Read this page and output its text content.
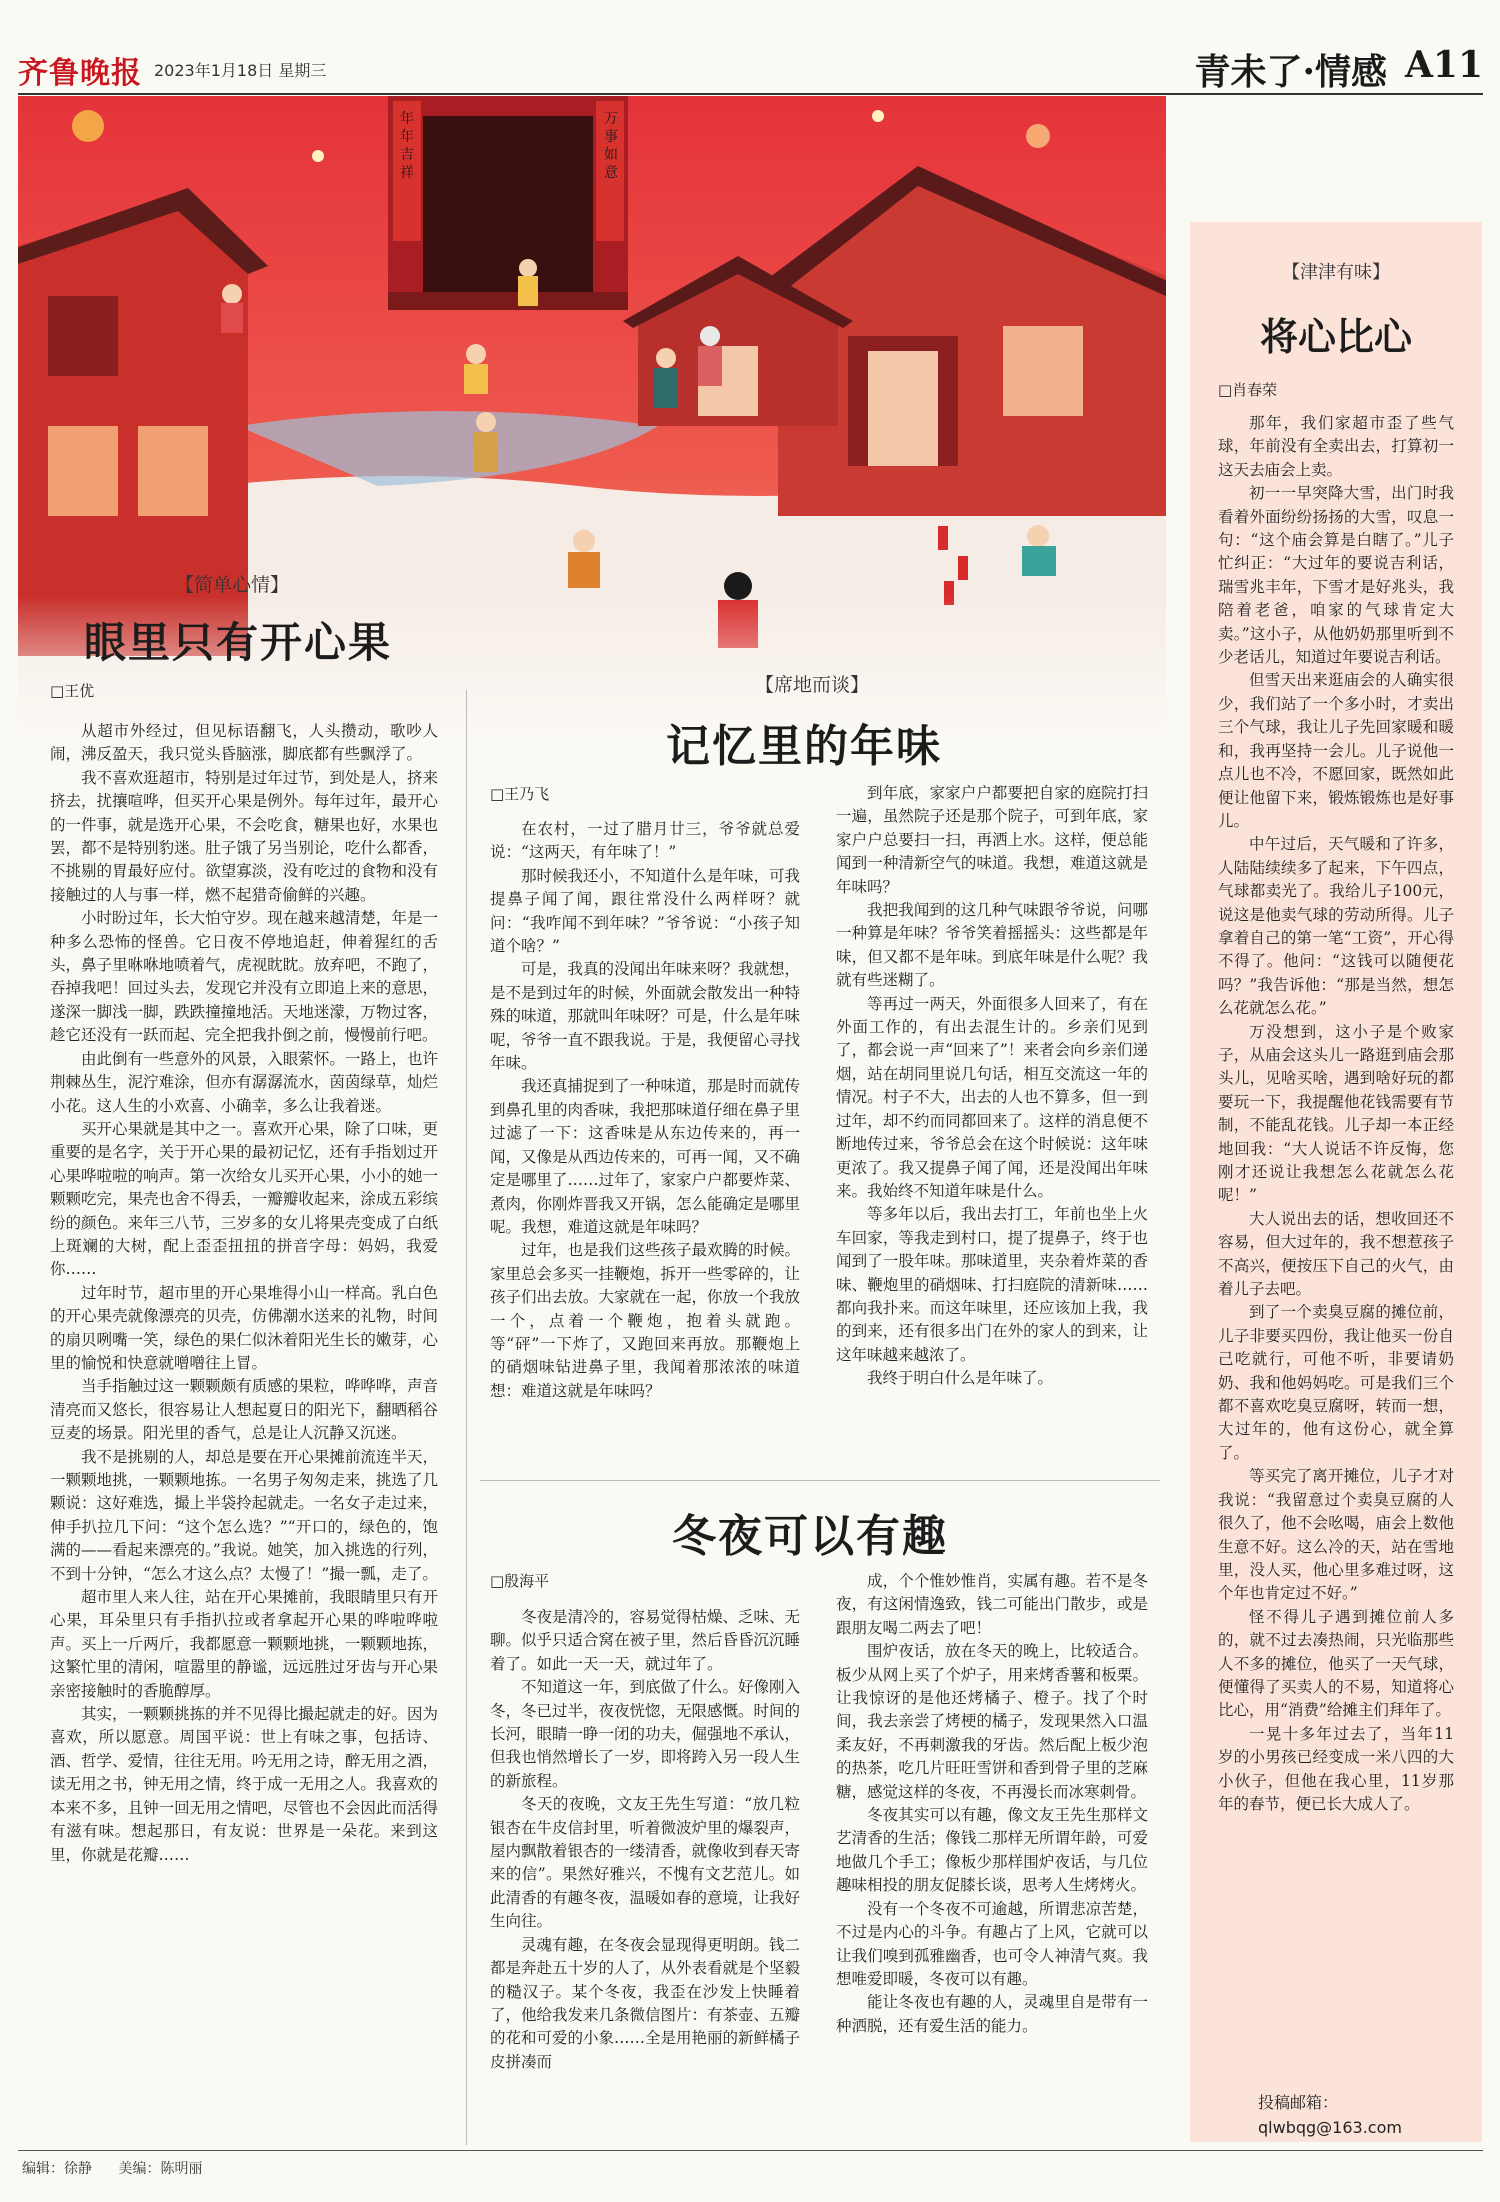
齐鲁晚报 2023年1月18日 星期三	青未了·情感 A11
年年吉祥
万事如意
【津津有味】
将心比心
□肖春荣

那年，我们家超市歪了些气球，年前没有全卖出去，打算初一这天去庙会上卖。

初一一早突降大雪，出门时我看着外面纷纷扬扬的大雪，叹息一句：“这个庙会算是白瞎了。”儿子忙纠正：“大过年的要说吉利话，瑞雪兆丰年，下雪才是好兆头，我陪着老爸，咱家的气球肯定大卖。”这小子，从他奶奶那里听到不少老话儿，知道过年要说吉利话。

但雪天出来逛庙会的人确实很少，我们站了一个多小时，才卖出三个气球，我让儿子先回家暖和暖和，我再坚持一会儿。儿子说他一点儿也不冷，不愿回家，既然如此便让他留下来，锻炼锻炼也是好事儿。

中午过后，天气暖和了许多，人陆陆续续多了起来，下午四点，气球都卖光了。我给儿子100元，说这是他卖气球的劳动所得。儿子拿着自己的第一笔“工资”，开心得不得了。他问：“这钱可以随便花吗？”我告诉他：“那是当然，想怎么花就怎么花。”

万没想到，这小子是个败家子，从庙会这头儿一路逛到庙会那头儿，见啥买啥，遇到啥好玩的都要玩一下，我提醒他花钱需要有节制，不能乱花钱。儿子却一本正经地回我：“大人说话不许反悔，您刚才还说让我想怎么花就怎么花呢！”

大人说出去的话，想收回还不容易，但大过年的，我不想惹孩子不高兴，便按压下自己的火气，由着儿子去吧。

到了一个卖臭豆腐的摊位前，儿子非要买四份，我让他买一份自己吃就行，可他不听，非要请奶奶、我和他妈妈吃。可是我们三个都不喜欢吃臭豆腐呀，转而一想，大过年的，他有这份心，就全算了。

等买完了离开摊位，儿子才对我说：“我留意过个卖臭豆腐的人很久了，他不会吆喝，庙会上数他生意不好。这么冷的天，站在雪地里，没人买，他心里多难过呀，这个年也肯定过不好。”

怪不得儿子遇到摊位前人多的，就不过去凑热闹，只光临那些人不多的摊位，他买了一天气球，便懂得了买卖人的不易，知道将心比心，用“消费”给摊主们拜年了。

一晃十多年过去了，当年11岁的小男孩已经变成一米八四的大小伙子，但他在我心里，11岁那年的春节，便已长大成人了。

投稿邮箱：
qlwbqg@163.com
【简单心情】
眼里只有开心果
□王优

从超市外经过，但见标语翻飞，人头攒动，歌吵人闹，沸反盈天，我只觉头昏脑涨，脚底都有些飘浮了。

我不喜欢逛超市，特别是过年过节，到处是人，挤来挤去，扰攘喧哗，但买开心果是例外。每年过年，最开心的一件事，就是选开心果，不会吃食，糖果也好，水果也罢，都不是特别豹迷。肚子饿了另当别论，吃什么都香，不挑剔的胃最好应付。欲望寡淡，没有吃过的食物和没有接触过的人与事一样，燃不起猎奇偷鲜的兴趣。

小时盼过年，长大怕守岁。现在越来越清楚，年是一种多么恐怖的怪兽。它日夜不停地追赶，伸着猩红的舌头，鼻子里咻咻地喷着气，虎视眈眈。放弃吧，不跑了，吞掉我吧！回过头去，发现它并没有立即追上来的意思，遂深一脚浅一脚，跌跌撞撞地活。天地迷濛，万物过客，趁它还没有一跃而起、完全把我扑倒之前，慢慢前行吧。

由此倒有一些意外的风景，入眼萦怀。一路上，也许荆棘丛生，泥泞难涂，但亦有潺潺流水，茵茵绿草，灿烂小花。这人生的小欢喜、小确幸，多么让我着迷。

买开心果就是其中之一。喜欢开心果，除了口味，更重要的是名字，关于开心果的最初记忆，还有手指划过开心果哗啦啦的响声。第一次给女儿买开心果，小小的她一颗颗吃完，果壳也舍不得丢，一瓣瓣收起来，涂成五彩缤纷的颜色。来年三八节，三岁多的女儿将果壳变成了白纸上斑斓的大树，配上歪歪扭扭的拼音字母：妈妈，我爱你……

过年时节，超市里的开心果堆得小山一样高。乳白色的开心果壳就像漂亮的贝壳，仿佛潮水送来的礼物，时间的扇贝咧嘴一笑，绿色的果仁似沐着阳光生长的嫩芽，心里的愉悦和快意就噌噌往上冒。

当手指触过这一颗颗颇有质感的果粒，哗哗哗，声音清亮而又悠长，很容易让人想起夏日的阳光下，翻晒稻谷豆麦的场景。阳光里的香气，总是让人沉静又沉迷。

我不是挑剔的人，却总是要在开心果摊前流连半天，一颗颗地挑，一颗颗地拣。一名男子匆匆走来，挑选了几颗说：这好难选，撮上半袋拎起就走。一名女子走过来，伸手扒拉几下问：“这个怎么选？”“开口的，绿色的，饱满的——看起来漂亮的。”我说。她笑，加入挑选的行列，不到十分钟，“怎么才这么点？太慢了！”撮一瓢，走了。

超市里人来人往，站在开心果摊前，我眼睛里只有开心果，耳朵里只有手指扒拉或者拿起开心果的哗啦哗啦声。买上一斤两斤，我都愿意一颗颗地挑，一颗颗地拣，这繁忙里的清闲，喧嚣里的静谧，远远胜过牙齿与开心果亲密接触时的香脆醇厚。

其实，一颗颗挑拣的并不见得比撮起就走的好。因为喜欢，所以愿意。周国平说：世上有味之事，包括诗、酒、哲学、爱情，往往无用。吟无用之诗，醉无用之酒，读无用之书，钟无用之情，终于成一无用之人。我喜欢的本来不多，且钟一回无用之情吧，尽管也不会因此而活得有滋有味。想起那日，有友说：世界是一朵花。来到这里，你就是花瓣……

【席地而谈】
记忆里的年味
□王乃飞

在农村，一过了腊月廿三，爷爷就总爱说：“这两天，有年味了！”

那时候我还小，不知道什么是年味，可我提鼻子闻了闻，跟往常没什么两样呀？就问：“我咋闻不到年味？”爷爷说：“小孩子知道个啥？”

可是，我真的没闻出年味来呀？我就想，是不是到过年的时候，外面就会散发出一种特殊的味道，那就叫年味呀？可是，什么是年味呢，爷爷一直不跟我说。于是，我便留心寻找年味。

我还真捕捉到了一种味道，那是时而就传到鼻孔里的肉香味，我把那味道仔细在鼻子里过滤了一下：这香味是从东边传来的，再一闻，又像是从西边传来的，可再一闻，又不确定是哪里了……过年了，家家户户都要炸菜、煮肉，你刚炸晋我又开锅，怎么能确定是哪里呢。我想，难道这就是年味吗？

过年，也是我们这些孩子最欢腾的时候。家里总会多买一挂鞭炮，拆开一些零碎的，让孩子们出去放。大家就在一起，你放一个我放一个，点着一个鞭炮，抱着头就跑。等“砰”一下炸了，又跑回来再放。那鞭炮上的硝烟味钻进鼻子里，我闻着那浓浓的味道想：难道这就是年味吗？

到年底，家家户户都要把自家的庭院打扫一遍，虽然院子还是那个院子，可到年底，家家户户总要扫一扫，再洒上水。这样，便总能闻到一种清新空气的味道。我想，难道这就是年味吗？

我把我闻到的这几种气味跟爷爷说，问哪一种算是年味？爷爷笑着摇摇头：这些都是年味，但又都不是年味。到底年味是什么呢？我就有些迷糊了。

等再过一两天，外面很多人回来了，有在外面工作的，有出去混生计的。乡亲们见到了，都会说一声“回来了”！来者会向乡亲们递烟，站在胡同里说几句话，相互交流这一年的情况。村子不大，出去的人也不算多，但一到过年，却不约而同都回来了。这样的消息便不断地传过来，爷爷总会在这个时候说：这年味更浓了。我又提鼻子闻了闻，还是没闻出年味来。我始终不知道年味是什么。

等多年以后，我出去打工，年前也坐上火车回家，等我走到村口，提了提鼻子，终于也闻到了一股年味。那味道里，夹杂着炸菜的香味、鞭炮里的硝烟味、打扫庭院的清新味……都向我扑来。而这年味里，还应该加上我，我的到来，还有很多出门在外的家人的到来，让这年味越来越浓了。

我终于明白什么是年味了。

冬夜可以有趣
□殷海平

冬夜是清冷的，容易觉得枯燥、乏味、无聊。似乎只适合窝在被子里，然后昏昏沉沉睡着了。如此一天一天，就过年了。

不知道这一年，到底做了什么。好像刚入冬，冬已过半，夜夜恍惚，无限感慨。时间的长河，眼睛一睁一闭的功夫，倔强地不承认，但我也悄然增长了一岁，即将跨入另一段人生的新旅程。

冬天的夜晚，文友王先生写道：“放几粒银杏在牛皮信封里，听着微波炉里的爆裂声，屋内飘散着银杏的一缕清香，就像收到春天寄来的信”。果然好雅兴，不愧有文艺范儿。如此清香的有趣冬夜，温暖如春的意境，让我好生向往。

灵魂有趣，在冬夜会显现得更明朗。钱二都是奔赴五十岁的人了，从外表看就是个坚毅的糙汉子。某个冬夜，我歪在沙发上快睡着了，他给我发来几条微信图片：有茶壶、五瓣的花和可爱的小象……全是用艳丽的新鲜橘子皮拼凑而

成，个个惟妙惟肖，实属有趣。若不是冬夜，有这闲情逸致，钱二可能出门散步，或是跟朋友喝二两去了吧！

围炉夜话，放在冬天的晚上，比较适合。板少从网上买了个炉子，用来烤香薯和板栗。让我惊讶的是他还烤橘子、橙子。找了个时间，我去亲尝了烤梗的橘子，发现果然入口温柔友好，不再刺激我的牙齿。然后配上板少泡的热茶，吃几片旺旺雪饼和香到骨子里的芝麻糖，感觉这样的冬夜，不再漫长而冰寒刺骨。

冬夜其实可以有趣，像文友王先生那样文艺清香的生活；像钱二那样无所谓年龄，可爱地做几个手工；像板少那样围炉夜话，与几位趣味相投的朋友促膝长谈，思考人生烤烤火。

没有一个冬夜不可逾越，所谓悲凉苦楚，不过是内心的斗争。有趣占了上风，它就可以让我们嗅到孤雅幽香，也可令人神清气爽。我想唯爱即暖，冬夜可以有趣。

能让冬夜也有趣的人，灵魂里自是带有一种洒脱，还有爱生活的能力。

编辑：徐静 美编：陈明丽
